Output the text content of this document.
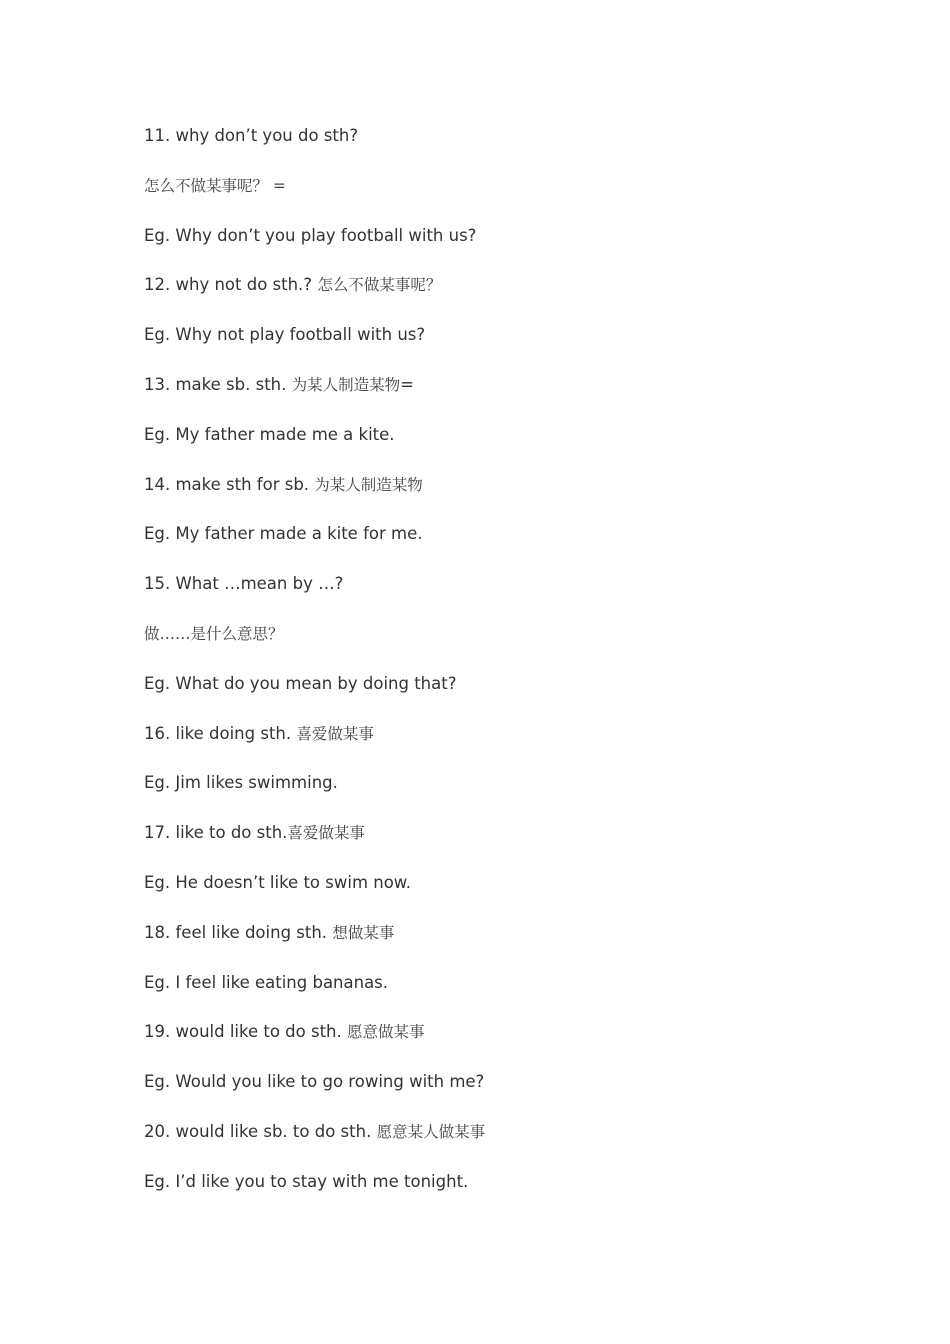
11. why don’t you do sth?
怎么不做某事呢？ =
Eg. Why don’t you play football with us?
12. why not do sth.? 怎么不做某事呢？
Eg. Why not play football with us?
13. make sb. sth. 为某人制造某物=
Eg. My father made me a kite.
14. make sth for sb. 为某人制造某物
Eg. My father made a kite for me.
15. What …mean by …?
做……是什么意思？
Eg. What do you mean by doing that?
16. like doing sth. 喜爱做某事
Eg. Jim likes swimming.
17. like to do sth.喜爱做某事
Eg. He doesn’t like to swim now.
18. feel like doing sth. 想做某事
Eg. I feel like eating bananas.
19. would like to do sth. 愿意做某事
Eg. Would you like to go rowing with me?
20. would like sb. to do sth. 愿意某人做某事
Eg. I’d like you to stay with me tonight.
